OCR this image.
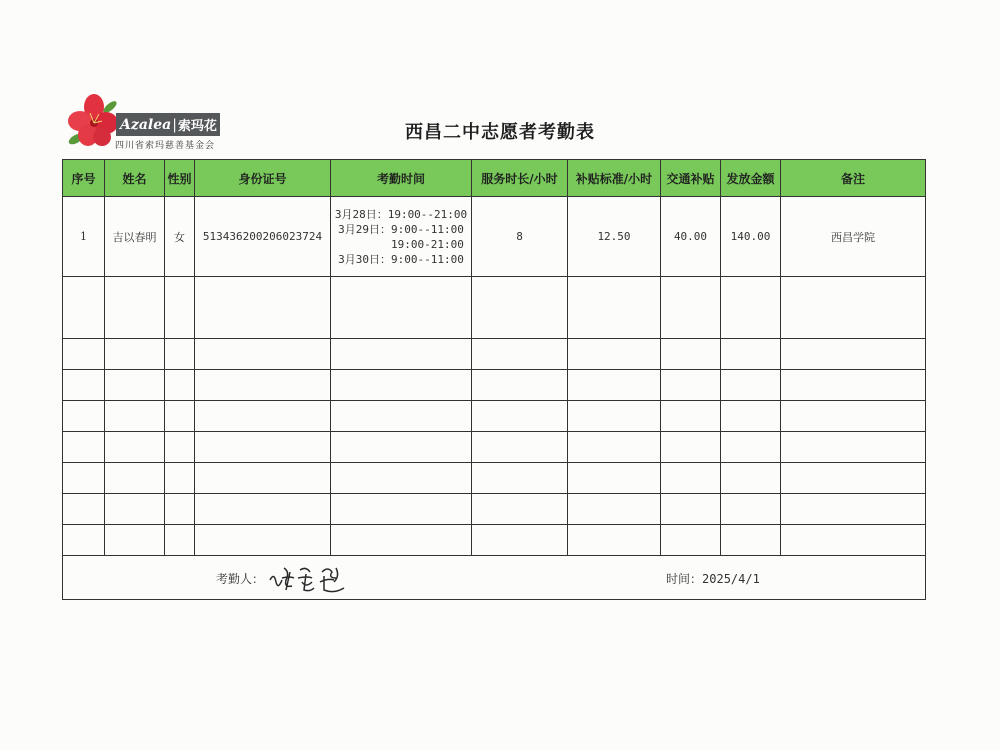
Azalea | 索玛花
四川省索玛慈善基金会
西昌二中志愿者考勤表
序号	姓名	性别	身份证号	考勤时间	服务时长/小时	补贴标准/小时	交通补贴	发放金额	备注
1	吉以春明	女	513436200206023724	3月28日：19:00--21:00
3月29日：9:00--11:00
19:00-21:00
3月30日：9:00--11:00	8	12.50	40.00	140.00	西昌学院

考勤人： 时间：2025/4/1									
